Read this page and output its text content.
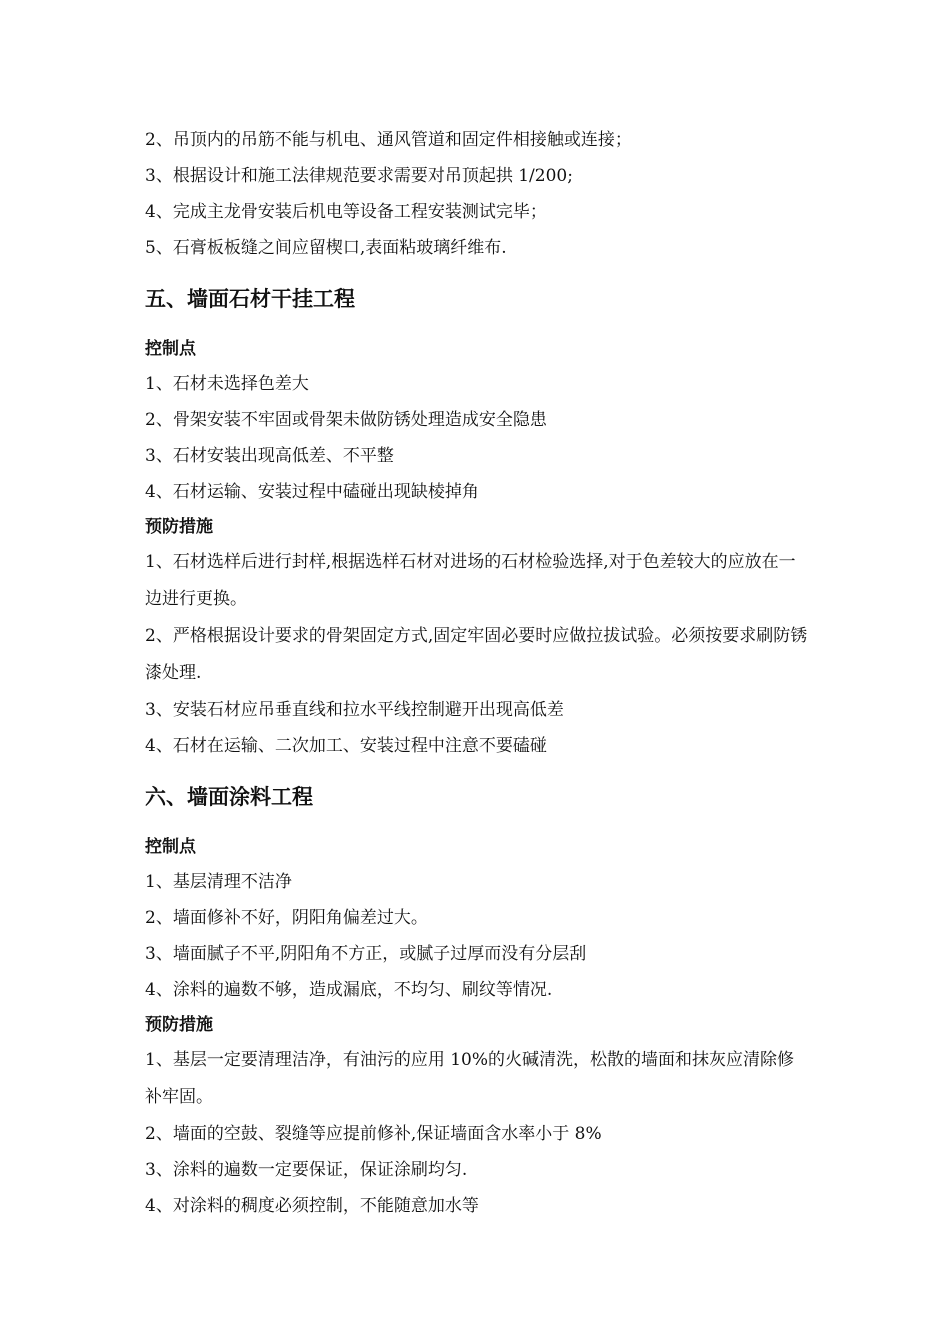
2、吊顶内的吊筋不能与机电、通风管道和固定件相接触或连接；

3、根据设计和施工法律规范要求需要对吊顶起拱 1/200;

4、完成主龙骨安装后机电等设备工程安装测试完毕；

5、石膏板板缝之间应留楔口,表面粘玻璃纤维布.

五、墙面石材干挂工程
控制点

1、石材未选择色差大

2、骨架安装不牢固或骨架未做防锈处理造成安全隐患

3、石材安装出现高低差、不平整

4、石材运输、安装过程中磕碰出现缺棱掉角

预防措施

1、石材选样后进行封样,根据选样石材对进场的石材检验选择,对于色差较大的应放在一边进行更换。

2、严格根据设计要求的骨架固定方式,固定牢固必要时应做拉拔试验。必须按要求刷防锈漆处理.

3、安装石材应吊垂直线和拉水平线控制避开出现高低差

4、石材在运输、二次加工、安装过程中注意不要磕碰

六、墙面涂料工程
控制点

1、基层清理不洁净

2、墙面修补不好，阴阳角偏差过大。

3、墙面腻子不平,阴阳角不方正，或腻子过厚而没有分层刮

4、涂料的遍数不够，造成漏底，不均匀、刷纹等情况.

预防措施

1、基层一定要清理洁净，有油污的应用 10%的火碱清洗，松散的墙面和抹灰应清除修补牢固。

2、墙面的空鼓、裂缝等应提前修补,保证墙面含水率小于 8%

3、涂料的遍数一定要保证，保证涂刷均匀.

4、对涂料的稠度必须控制，不能随意加水等
